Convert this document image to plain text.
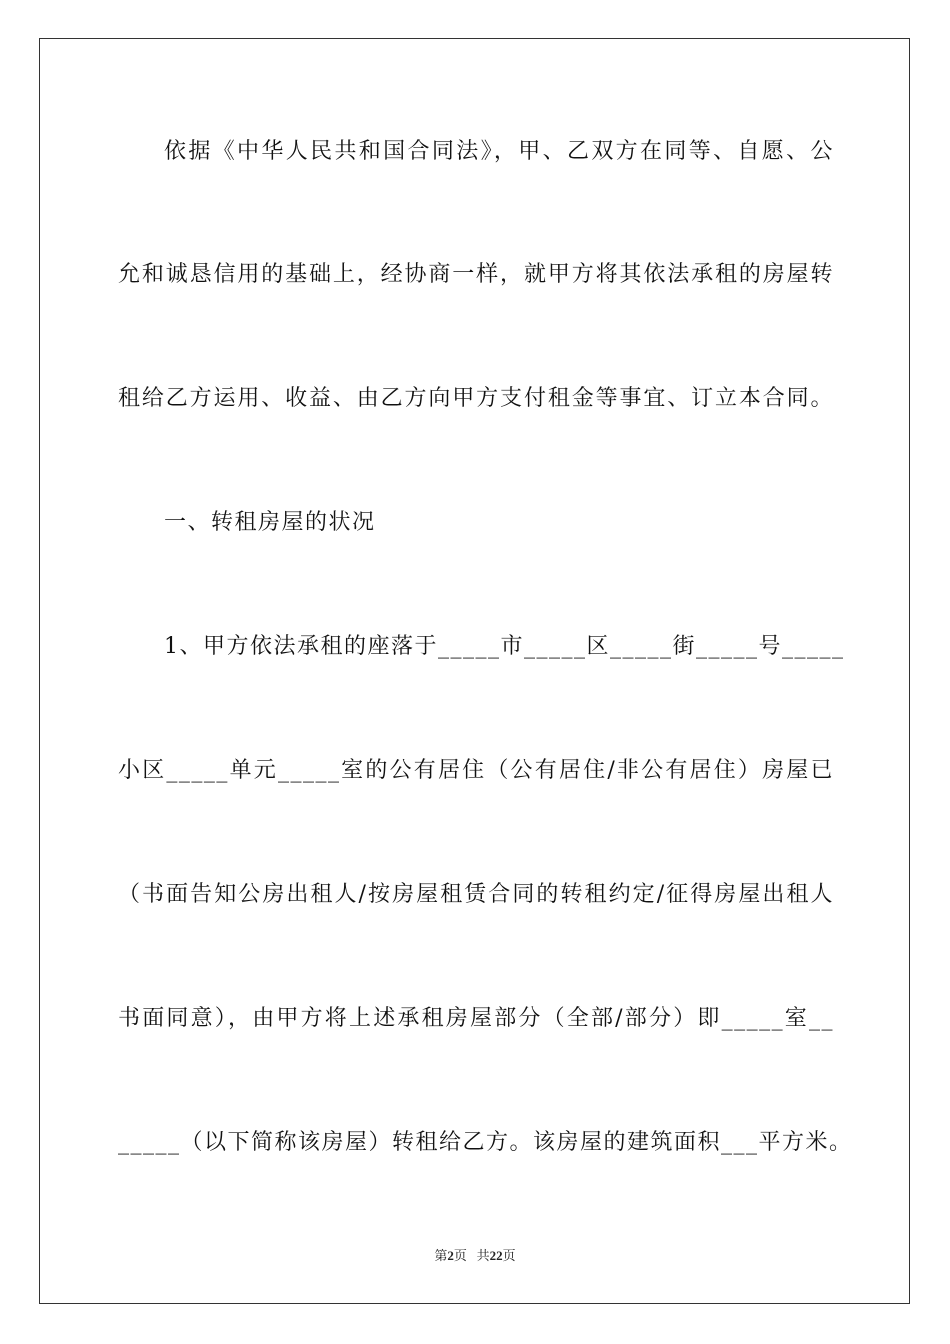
依据《中华人民共和国合同法》，甲、乙双方在同等、自愿、公
允和诚恳信用的基础上，经协商一样，就甲方将其依法承租的房屋转
租给乙方运用、收益、由乙方向甲方支付租金等事宜、订立本合同。
一、转租房屋的状况
1、甲方依法承租的座落于_____市_____区_____街_____号_____
小区_____单元_____室的公有居住（公有居住/非公有居住）房屋已
（书面告知公房出租人/按房屋租赁合同的转租约定/征得房屋出租人
书面同意），由甲方将上述承租房屋部分（全部/部分）即_____室__
_____（以下简称该房屋）转租给乙方。该房屋的建筑面积___平方米。
第2页 共22页
